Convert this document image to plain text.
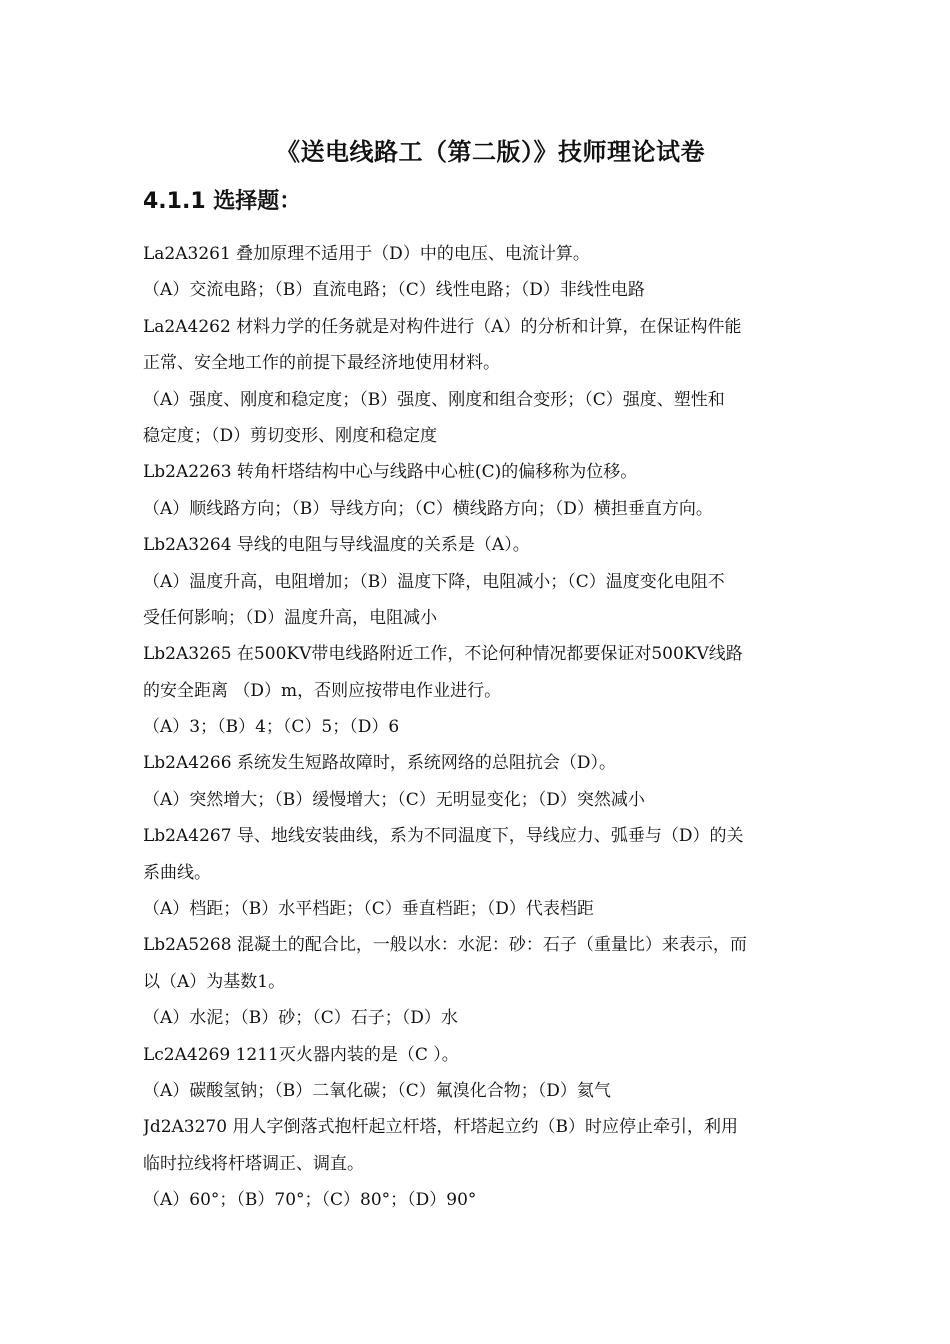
《送电线路工（第二版）》技师理论试卷
4.1.1 选择题：
La2A3261 叠加原理不适用于（D）中的电压、电流计算。
（A）交流电路；（B）直流电路；（C）线性电路；（D）非线性电路
La2A4262 材料力学的任务就是对构件进行（A）的分析和计算，在保证构件能
正常、安全地工作的前提下最经济地使用材料。
（A）强度、刚度和稳定度；（B）强度、刚度和组合变形；（C）强度、塑性和
稳定度；（D）剪切变形、刚度和稳定度
Lb2A2263 转角杆塔结构中心与线路中心桩(C)的偏移称为位移。
（A）顺线路方向；（B）导线方向；（C）横线路方向；（D）横担垂直方向。
Lb2A3264 导线的电阻与导线温度的关系是（A）。
（A）温度升高，电阻增加；（B）温度下降，电阻减小；（C）温度变化电阻不
受任何影响；（D）温度升高，电阻减小
Lb2A3265 在500KV带电线路附近工作，不论何种情况都要保证对500KV线路
的安全距离 （D）m，否则应按带电作业进行。
（A）3；（B）4；（C）5；（D）6
Lb2A4266 系统发生短路故障时，系统网络的总阻抗会（D）。
（A）突然增大；（B）缓慢增大；（C）无明显变化；（D）突然减小
Lb2A4267 导、地线安装曲线，系为不同温度下，导线应力、弧垂与（D）的关
系曲线。
（A）档距；（B）水平档距；（C）垂直档距；（D）代表档距
Lb2A5268 混凝土的配合比，一般以水：水泥：砂：石子（重量比）来表示，而
以（A）为基数1。
（A）水泥；（B）砂；（C）石子；（D）水
Lc2A4269 1211灭火器内装的是（C ）。
（A）碳酸氢钠；（B）二氧化碳；（C）氟溴化合物；（D）氦气
Jd2A3270 用人字倒落式抱杆起立杆塔，杆塔起立约（B）时应停止牵引，利用
临时拉线将杆塔调正、调直。
（A）60°；（B）70°；（C）80°；（D）90°
